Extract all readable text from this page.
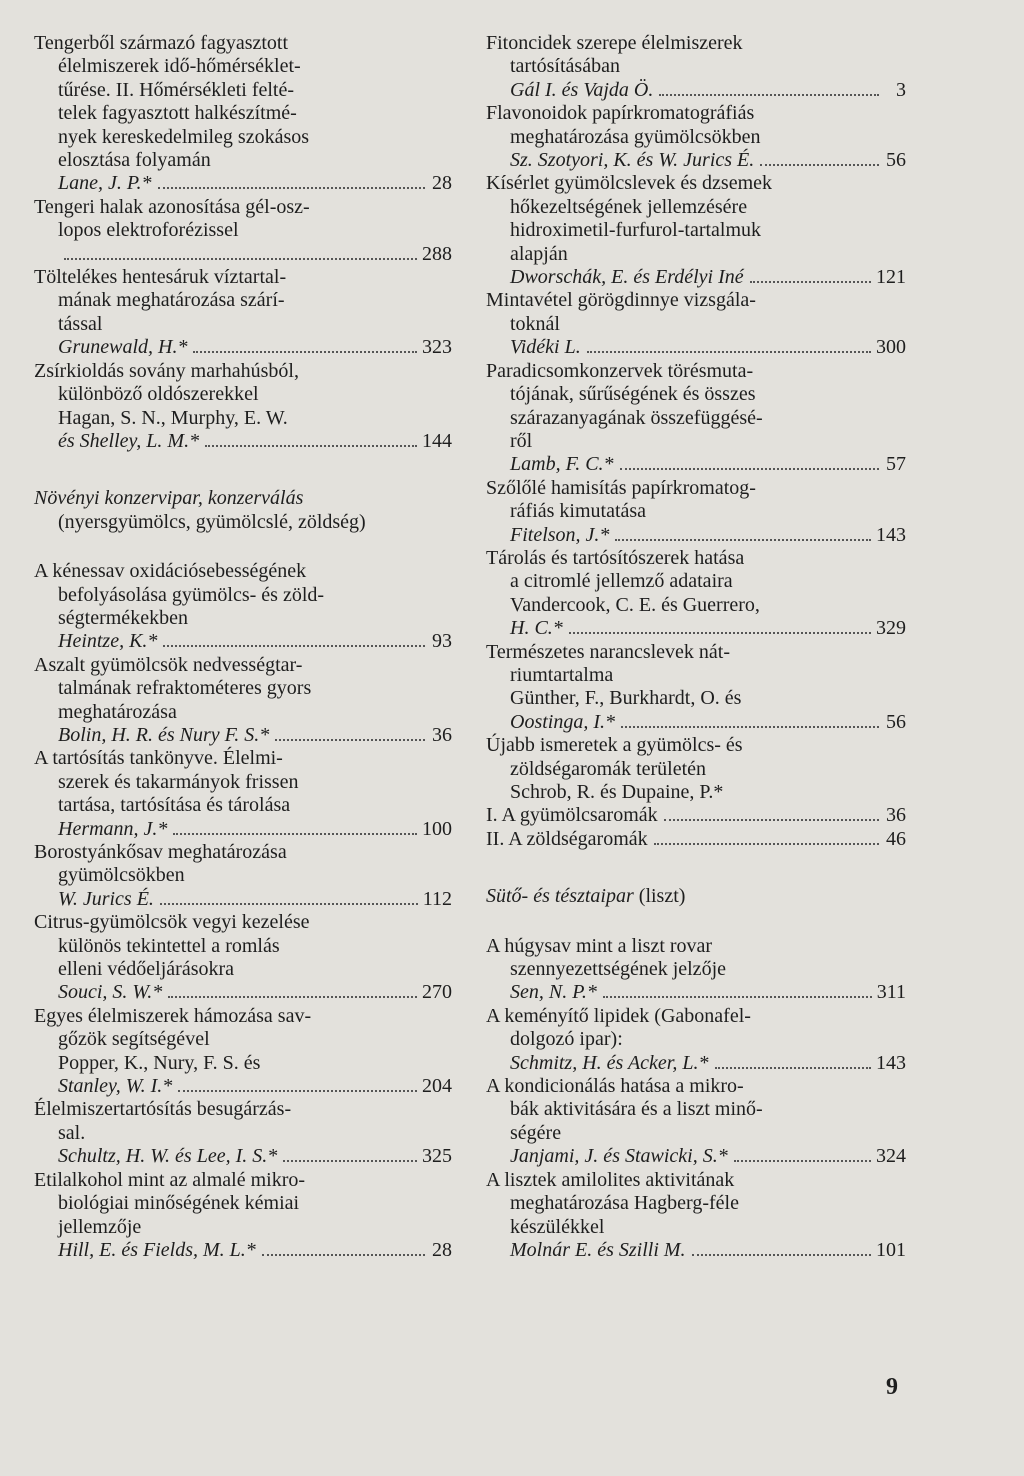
Tengerből származó fagyasztott
élelmiszerek idő-hőmérséklet-
tűrése. II. Hőmérsékleti felté-
telek fagyasztott halkészítmé-
nyek kereskedelmileg szokásos
elosztása folyamán
Lane, J. P.*	28
Tengeri halak azonosítása gél-osz-
lopos elektroforézissel
288
Töltelékes hentesáruk víztartal-
mának meghatározása szárí-
tással
Grunewald, H.*	323
Zsírkioldás sovány marhahúsból,
különböző oldószerekkel
Hagan, S. N., Murphy, E. W.
és Shelley, L. M.*	144
Növényi konzervipar, konzerválás
(nyersgyümölcs, gyümölcslé, zöldség)
A kénessav oxidációsebességének
befolyásolása gyümölcs- és zöld-
ségtermékekben
Heintze, K.*	93
Aszalt gyümölcsök nedvességtar-
talmának refraktométeres gyors
meghatározása
Bolin, H. R. és Nury F. S.*	36
A tartósítás tankönyve. Élelmi-
szerek és takarmányok frissen
tartása, tartósítása és tárolása
Hermann, J.*	100
Borostyánkősav meghatározása
gyümölcsökben
W. Jurics É.	112
Citrus-gyümölcsök vegyi kezelése
különös tekintettel a romlás
elleni védőeljárásokra
Souci, S. W.*	270
Egyes élelmiszerek hámozása sav-
gőzök segítségével
Popper, K., Nury, F. S. és
Stanley, W. I.*	204
Élelmiszertartósítás besugárzás-
sal.
Schultz, H. W. és Lee, I. S.*	325
Etilalkohol mint az almalé mikro-
biológiai minőségének kémiai
jellemzője
Hill, E. és Fields, M. L.*	28
Fitoncidek szerepe élelmiszerek
tartósításában
Gál I. és Vajda Ö.	3
Flavonoidok papírkromatográfiás
meghatározása gyümölcsökben
Sz. Szotyori, K. és W. Jurics É.	56
Kísérlet gyümölcslevek és dzsemek
hőkezeltségének jellemzésére
hidroximetil-furfurol-tartalmuk
alapján
Dworschák, E. és Erdélyi Iné	121
Mintavétel görögdinnye vizsgála-
toknál
Vidéki L.	300
Paradicsomkonzervek törésmuta-
tójának, sűrűségének és összes
szárazanyagának összefüggésé-
ről
Lamb, F. C.*	57
Szőlőlé hamisítás papírkromatog-
ráfiás kimutatása
Fitelson, J.*	143
Tárolás és tartósítószerek hatása
a citromlé jellemző adataira
Vandercook, C. E. és Guerrero,
H. C.*	329
Természetes narancslevek nát-
riumtartalma
Günther, F., Burkhardt, O. és
Oostinga, I.*	56
Újabb ismeretek a gyümölcs- és
zöldségaromák területén
Schrob, R. és Dupaine, P.*
I. A gyümölcsaromák	36
II. A zöldségaromák	46
Sütő- és tésztaipar (liszt)
A húgysav mint a liszt rovar
szennyezettségének jelzője
Sen, N. P.*	311
A keményítő lipidek (Gabonafel-
dolgozó ipar):
Schmitz, H. és Acker, L.*	143
A kondicionálás hatása a mikro-
bák aktivitására és a liszt minő-
ségére
Janjami, J. és Stawicki, S.*	324
A lisztek amilolites aktivitának
meghatározása Hagberg-féle
készülékkel
Molnár E. és Szilli M.	101
9
